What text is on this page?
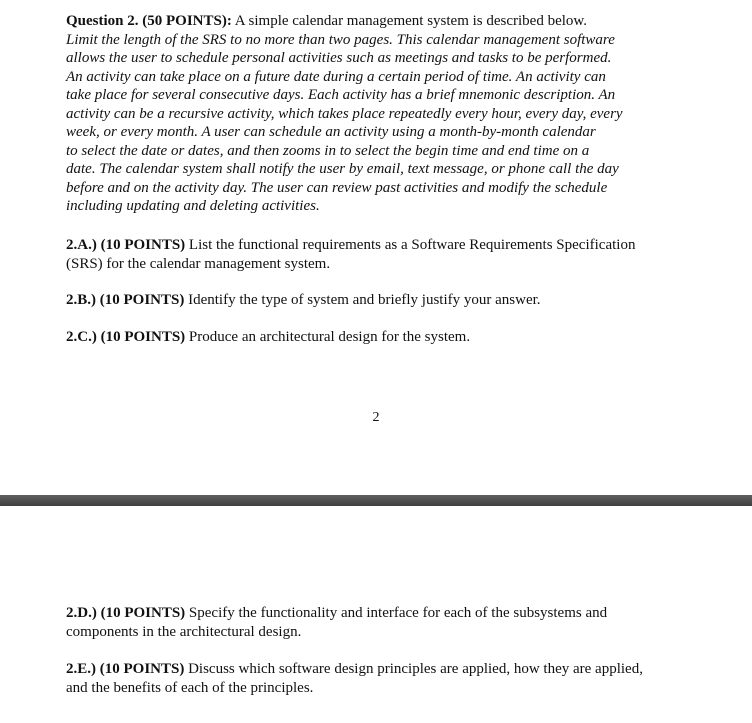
Question 2. (50 POINTS): A simple calendar management system is described below.
Limit the length of the SRS to no more than two pages. This calendar management software
allows the user to schedule personal activities such as meetings and tasks to be performed.
An activity can take place on a future date during a certain period of time. An activity can
take place for several consecutive days. Each activity has a brief mnemonic description. An
activity can be a recursive activity, which takes place repeatedly every hour, every day, every
week, or every month. A user can schedule an activity using a month-by-month calendar
to select the date or dates, and then zooms in to select the begin time and end time on a
date. The calendar system shall notify the user by email, text message, or phone call the day
before and on the activity day. The user can review past activities and modify the schedule
including updating and deleting activities.
2.A.) (10 POINTS) List the functional requirements as a Software Requirements Specification
(SRS) for the calendar management system.
2.B.) (10 POINTS) Identify the type of system and briefly justify your answer.
2.C.) (10 POINTS) Produce an architectural design for the system.
2
2.D.) (10 POINTS) Specify the functionality and interface for each of the subsystems and
components in the architectural design.
2.E.) (10 POINTS) Discuss which software design principles are applied, how they are applied,
and the benefits of each of the principles.
